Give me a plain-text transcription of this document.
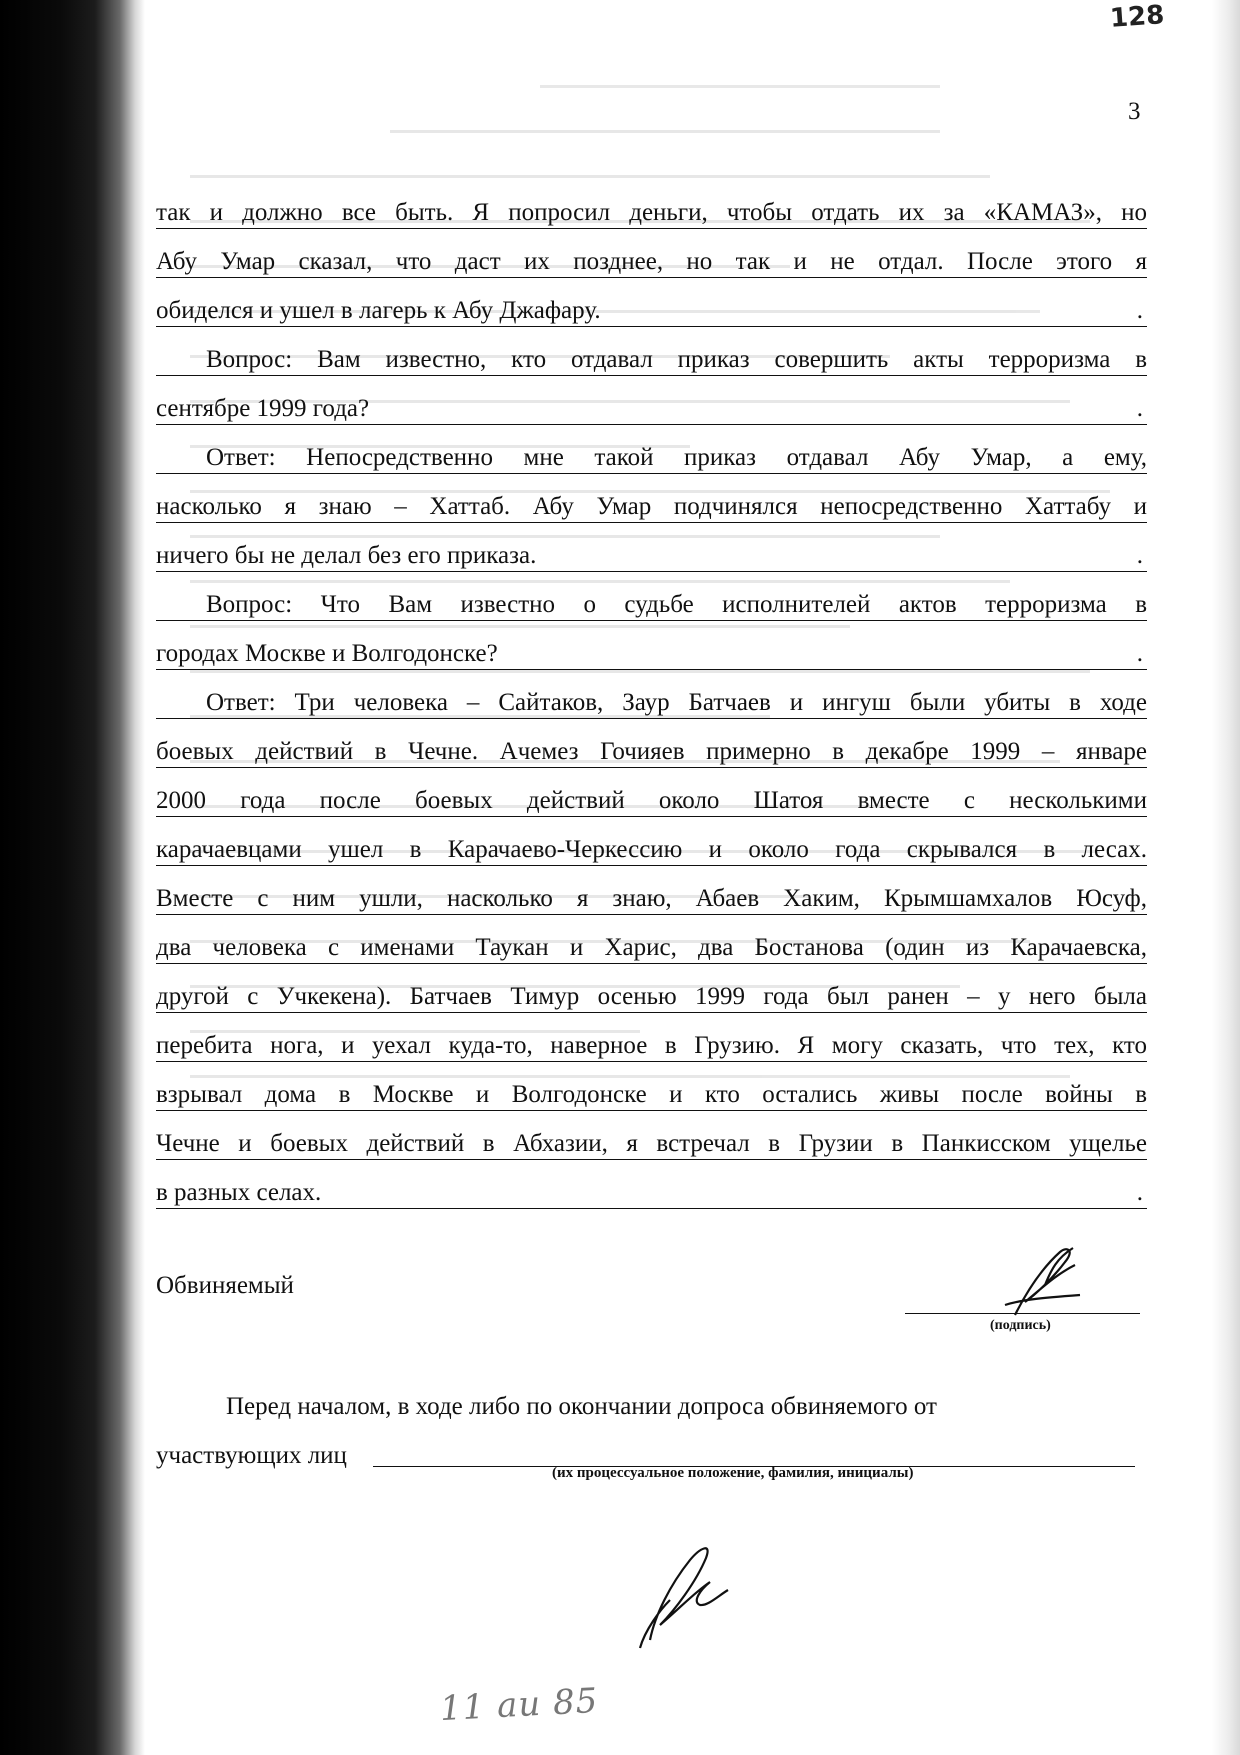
128
3
так и должно все быть. Я попросил деньги, чтобы отдать их за «КАМАЗ», но
Абу Умар сказал, что даст их позднее, но так и не отдал. После этого я
обиделся и ушел в лагерь к Абу Джафару.	.
Вопрос: Вам известно, кто отдавал приказ совершить акты терроризма в
сентябре 1999 года?	.
Ответ: Непосредственно мне такой приказ отдавал Абу Умар, а ему,
насколько я знаю – Хаттаб. Абу Умар подчинялся непосредственно Хаттабу и
ничего бы не делал без его приказа.	.
Вопрос: Что Вам известно о судьбе исполнителей актов терроризма в
городах Москве и Волгодонске?	.
Ответ: Три человека – Сайтаков, Заур Батчаев и ингуш были убиты в ходе
боевых действий в Чечне. Ачемез Гочияев примерно в декабре 1999 – январе
2000 года после боевых действий около Шатоя вместе с несколькими
карачаевцами ушел в Карачаево-Черкессию и около года скрывался в лесах.
Вместе с ним ушли, насколько я знаю, Абаев Хаким, Крымшамхалов Юсуф,
два человека с именами Таукан и Харис, два Бостанова (один из Карачаевска,
другой с Учкекена). Батчаев Тимур осенью 1999 года был ранен – у него была
перебита нога, и уехал куда-то, наверное в Грузию. Я могу сказать, что тех, кто
взрывал дома в Москве и Волгодонске и кто остались живы после войны в
Чечне и боевых действий в Абхазии, я встречал в Грузии в Панкисском ущелье
в разных селах.	.
Обвиняемый
(подпись)
Перед началом, в ходе либо по окончании допроса обвиняемого от
участвующих лиц
(их процессуальное положение, фамилия, инициалы)
11 аи 85
